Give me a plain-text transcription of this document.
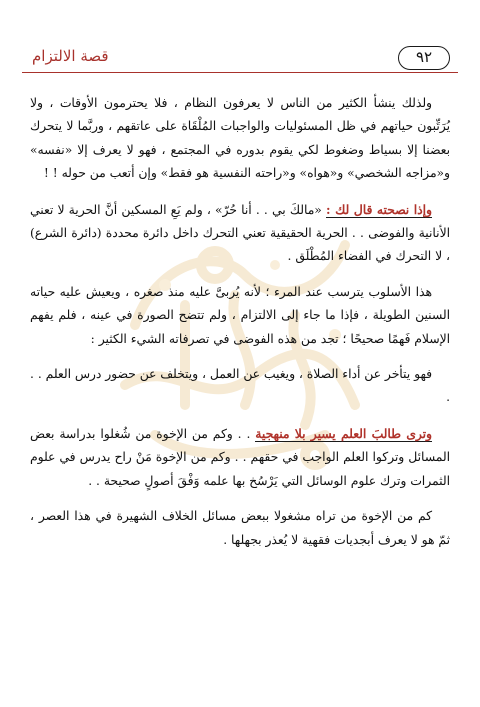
٩٢
قصة الالتزام

ولذلك ينشأ الكثير من الناس لا يعرفون النظام ، فلا يحترمون الأوقات ، ولا يُرَتِّبون حياتهم في ظل المسئوليات والواجبات المُلْقَاة على عاتقهم ، وربَّما لا يتحرك بعضنا إلا بسياط وضغوط لكي يقوم بدوره في المجتمع ، فهو لا يعرف إلا «نفسه» و«مزاجه الشخصي» و«هواه» و«راحته النفسية هو فقط» وإن أتعب من حوله ! !

وإذا نصحته قال لك : «مالكَ بي . . أنا حُرّ» ، ولم يَعِ المسكين أنَّ الحرية لا تعني الأنانية والفوضى . . الحرية الحقيقية تعني التحرك داخل دائرة محددة (دائرة الشرع) ، لا التحرك في الفضاء المُطْلَق .

هذا الأسلوب يترسب عند المرء ؛ لأنه يُربىَّ عليه منذ صغره ، ويعيش عليه حياته السنين الطويلة ، فإذا ما جاء إلى الالتزام ، ولم تتضح الصورة في عينه ، فلم يفهم الإسلام فَهمًا صحيحًا ؛ تجد من هذه الفوضى في تصرفاته الشيء الكثير :

فهو يتأخر عن أداء الصلاة ، ويغيب عن العمل ، ويتخلف عن حضور درس العلم . . .

وترى طالبَ العلم يسير بلا منهجية . . وكم من الإخوة من شُغلوا بدراسة بعض المسائل وتركوا العلم الواجب في حقهم . . وكم من الإخوة مَنْ راح يدرس في علوم الثمرات وترك علوم الوسائل التي يَرْسُخ بها علمه وَفْقَ أصولٍ صحيحة . .

كم من الإخوة من تراه مشغولا ببعض مسائل الخلاف الشهيرة في هذا العصر ، ثمّ هو لا يعرف أبجديات فقهية لا يُعذر بجهلها .
